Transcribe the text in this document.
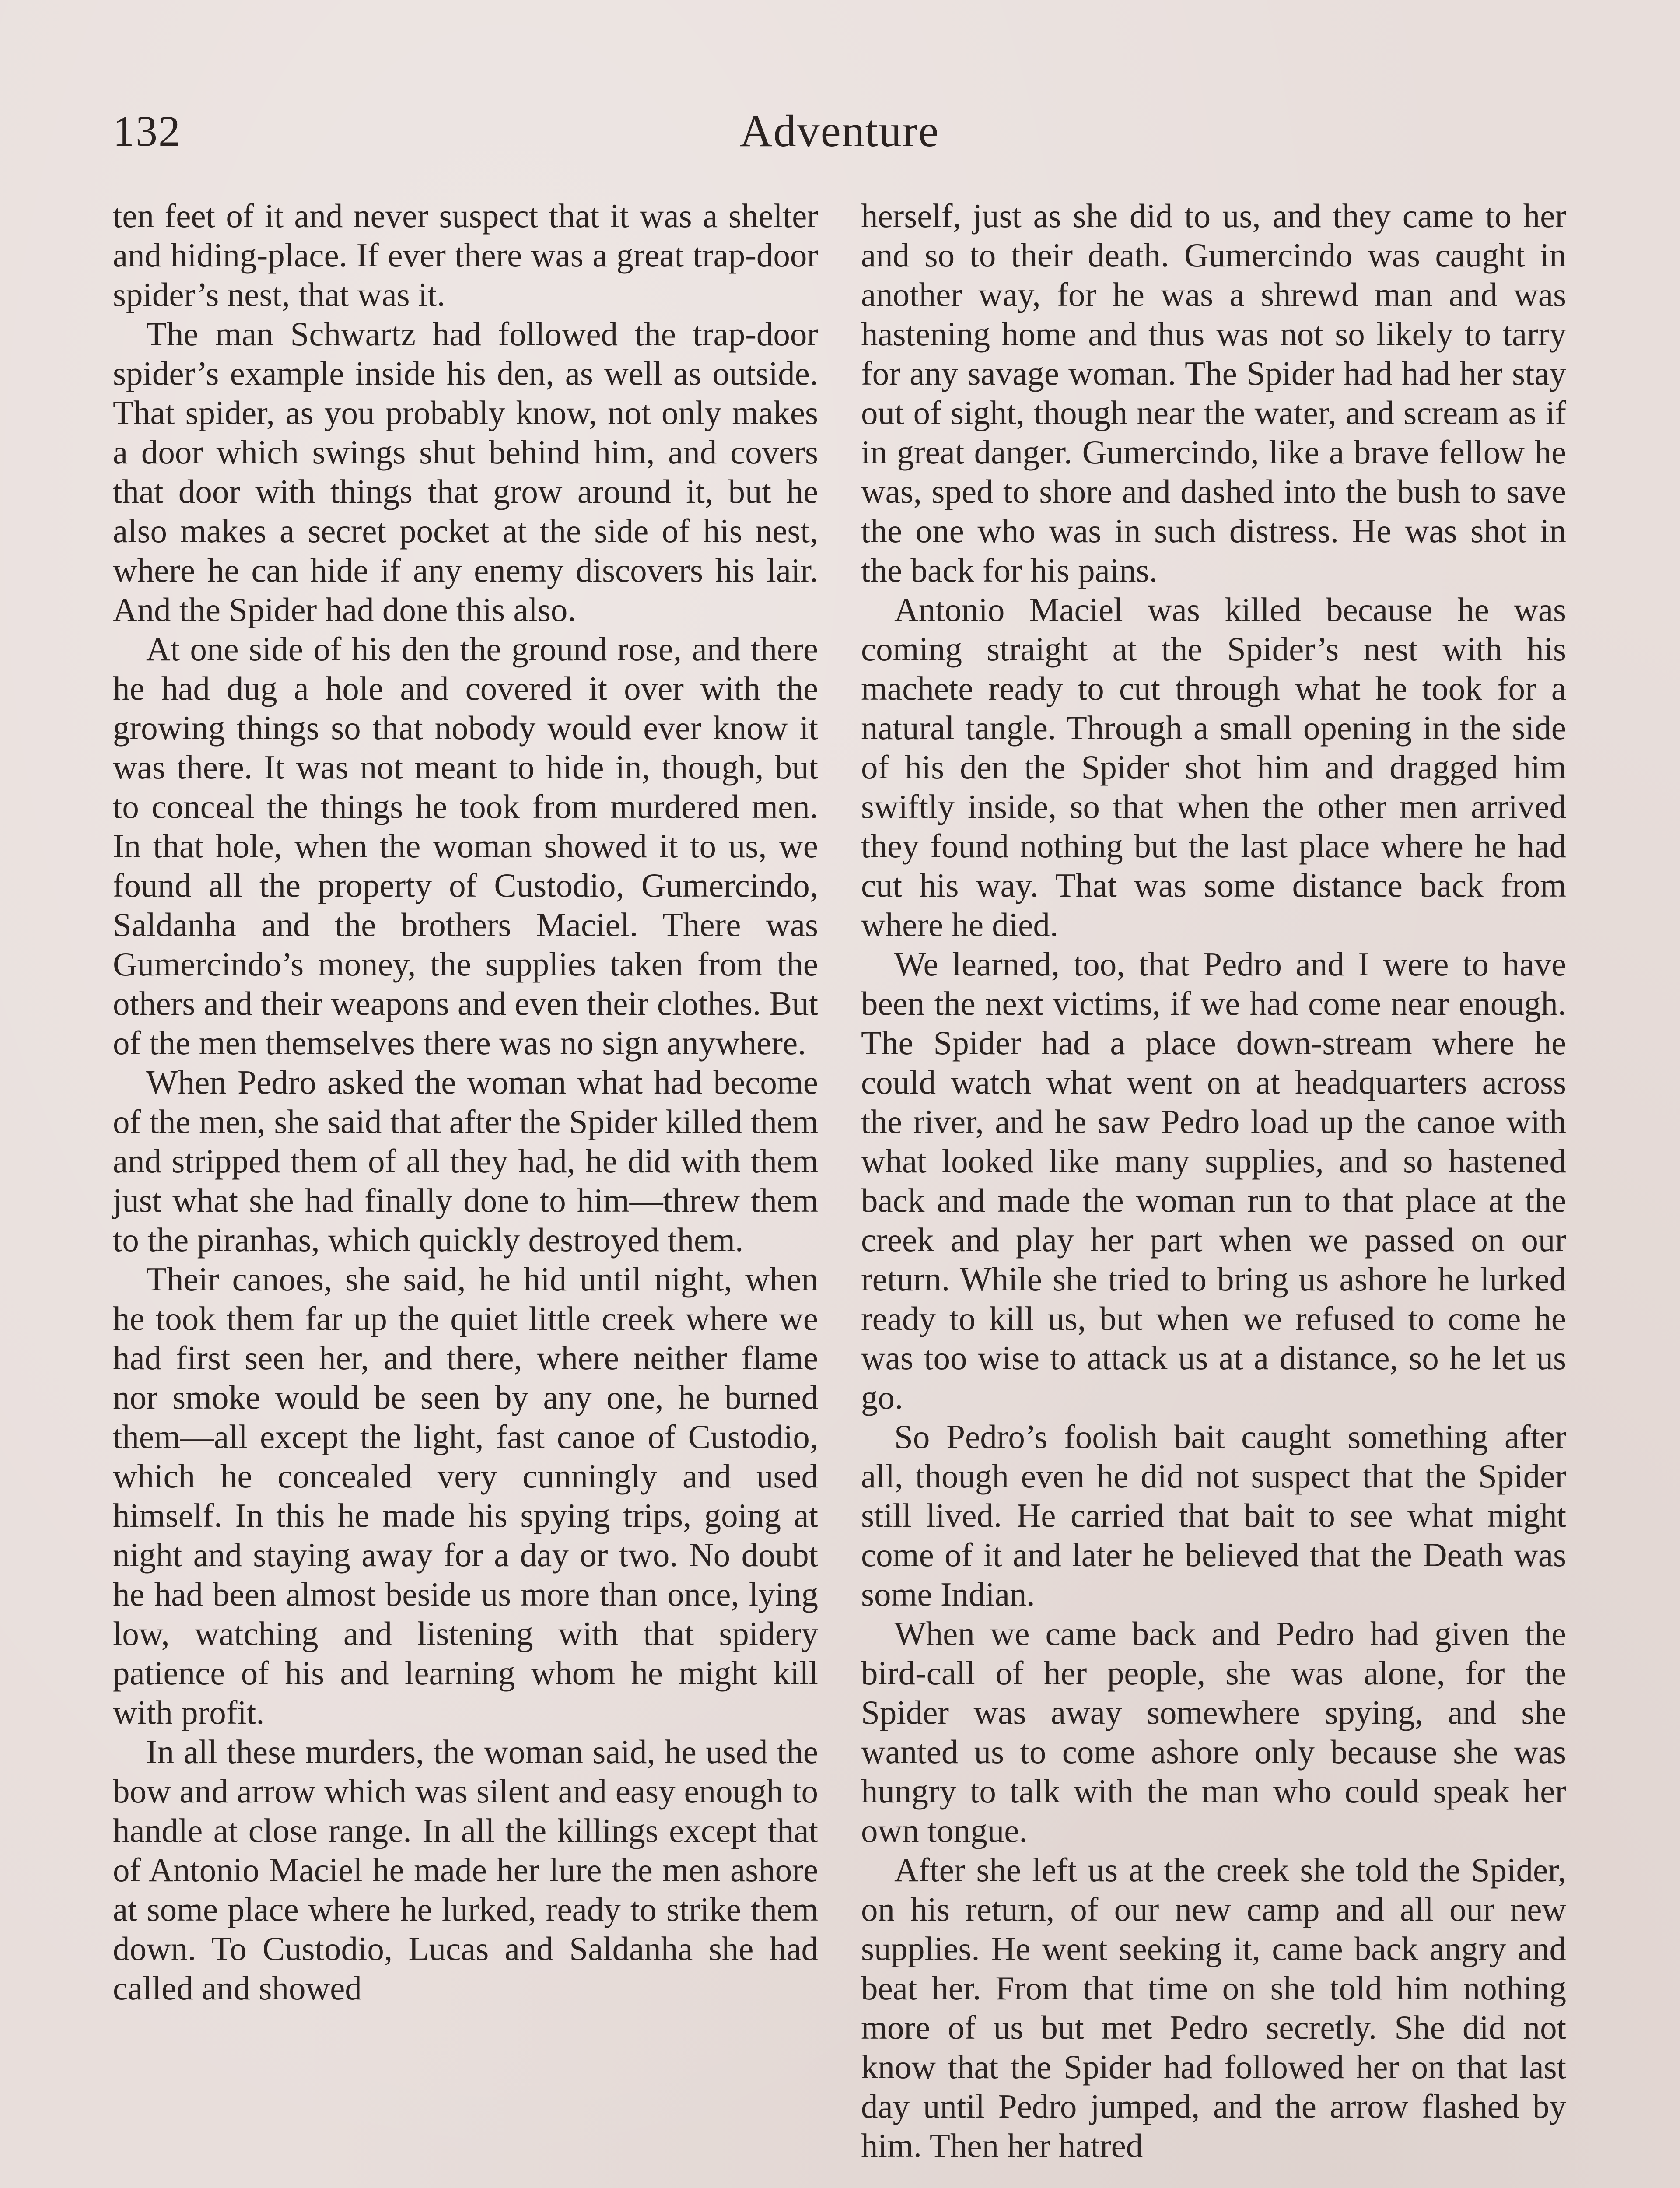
132	Adventure

ten feet of it and never suspect that it was a shelter and hiding-place. If ever there was a great trap-door spider’s nest, that was it.

The man Schwartz had followed the trap-door spider’s example inside his den, as well as outside. That spider, as you probably know, not only makes a door which swings shut behind him, and covers that door with things that grow around it, but he also makes a secret pocket at the side of his nest, where he can hide if any enemy discovers his lair. And the Spider had done this also.

At one side of his den the ground rose, and there he had dug a hole and covered it over with the growing things so that nobody would ever know it was there. It was not meant to hide in, though, but to conceal the things he took from murdered men. In that hole, when the woman showed it to us, we found all the property of Custodio, Gumercindo, Saldanha and the brothers Maciel. There was Gumercindo’s money, the supplies taken from the others and their weapons and even their clothes. But of the men themselves there was no sign anywhere.

When Pedro asked the woman what had become of the men, she said that after the Spider killed them and stripped them of all they had, he did with them just what she had finally done to him—threw them to the piranhas, which quickly destroyed them.

Their canoes, she said, he hid until night, when he took them far up the quiet little creek where we had first seen her, and there, where neither flame nor smoke would be seen by any one, he burned them—all except the light, fast canoe of Custodio, which he concealed very cunningly and used himself. In this he made his spying trips, going at night and staying away for a day or two. No doubt he had been almost beside us more than once, lying low, watching and listening with that spidery patience of his and learning whom he might kill with profit.

In all these murders, the woman said, he used the bow and arrow which was silent and easy enough to handle at close range. In all the killings except that of Antonio Maciel he made her lure the men ashore at some place where he lurked, ready to strike them down. To Custodio, Lucas and Saldanha she had called and showed

herself, just as she did to us, and they came to her and so to their death. Gumercindo was caught in another way, for he was a shrewd man and was hastening home and thus was not so likely to tarry for any savage woman. The Spider had had her stay out of sight, though near the water, and scream as if in great danger. Gumercindo, like a brave fellow he was, sped to shore and dashed into the bush to save the one who was in such distress. He was shot in the back for his pains.

Antonio Maciel was killed because he was coming straight at the Spider’s nest with his machete ready to cut through what he took for a natural tangle. Through a small opening in the side of his den the Spider shot him and dragged him swiftly inside, so that when the other men arrived they found nothing but the last place where he had cut his way. That was some distance back from where he died.

We learned, too, that Pedro and I were to have been the next victims, if we had come near enough. The Spider had a place down-stream where he could watch what went on at headquarters across the river, and he saw Pedro load up the canoe with what looked like many supplies, and so hastened back and made the woman run to that place at the creek and play her part when we passed on our return. While she tried to bring us ashore he lurked ready to kill us, but when we refused to come he was too wise to attack us at a distance, so he let us go.

So Pedro’s foolish bait caught something after all, though even he did not suspect that the Spider still lived. He carried that bait to see what might come of it and later he believed that the Death was some Indian.

When we came back and Pedro had given the bird-call of her people, she was alone, for the Spider was away somewhere spying, and she wanted us to come ashore only because she was hungry to talk with the man who could speak her own tongue.

After she left us at the creek she told the Spider, on his return, of our new camp and all our new supplies. He went seeking it, came back angry and beat her. From that time on she told him nothing more of us but met Pedro secretly. She did not know that the Spider had followed her on that last day until Pedro jumped, and the arrow flashed by him. Then her hatred
